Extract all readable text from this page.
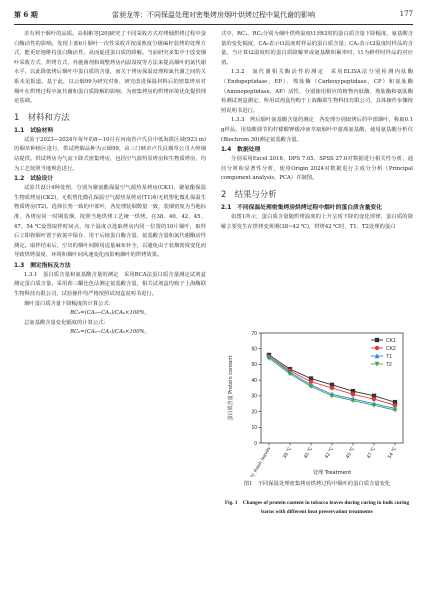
第 6 期	雷昶龙等：不同保温处理对密集烤房烟叶烘烤过程中氮代谢的影响	177

差有利于烟叶的品质。高相彬等[20]研究了不同采收方式对烤烟烘烤过程中蛋白酶活性的影响，发现上部6片烟叶一次性采收并按成熟度分级编杆装烤的处理方式，能更好地维持蛋白酶活性，从而促进蛋白质的降解。当前研究多集中于改变烟叶采收方式、烘烤方式、外施菌剂和调整烤房内温湿度等方法来提高烟叶的氮代谢水平，以此降低烤后烟叶中蛋白质的含量，而关于烤房保温处理和氮代谢之间的关系未见报道。基于此，以云烟99为研究对象，研究改进保温材料后的密集烤房对烟叶在烘烤过程中氮代谢和蛋白质降解的影响，为密集烤房的烘烤环境优化提供理论基础。

1　材料和方法
1.1　试验材料

试验于2023—2024年每年的8—10月在河南省卢氏县中低海拔区域(923 m)的烟草种植区进行，供试烤烟品种为云烟99，由三门峡市卢氏县烟草公司大岭烟站提供。供试烤房为气流下降式密集烤房，包括空气源热泵烤房和生物质烤房，均为工艺按照当地规范进行。

1.2　试验设计

试验共设计4种处理，分别为聚氨酯保温空气源热泵烤房(CK1)、聚氨酯保温生物质烤房(CK2)、无机塑化微孔保温空气源热泵烤房(T1)和无机塑化微孔保温生物质烤房(T2)。选择长势一致的中部叶，各处理装烟数量一致，装烟密度为当地标准，各烤房同一时期装烟，按照当地烘烤工艺统一烘烤。在38、40、42、45、47、54 ℃设置取样时间点，每个温度点选取烤房内同一位置的10片烟叶，取样后立即将烟叶置于液氮中保存，用于后续蛋白酶含量、氨基酸含量和氮代谢酶活性测定。取样结束后，空出的烟叶间隙用适量麻布补全，以避免由于装烟密度变化而导致烘烤湿度、环境和烟叶间风速变化而影响烟叶的烘烤效果。

1.3　测定指标及方法

1.3.1　蛋白质含量和氨基酸含量的测定　采用BCA法蛋白质含量测定试剂盒测定蛋白质含量，采用茚三酮比色法测定氨基酸含量，相关试剂盒均购于上海酶联生物科技有限公司，试验操作均严格按照试剂盒说明书进行。

烟叶蛋白质含量下降幅度的计算公式：

RC₁=(CA₀−CA₁)/CA₀×100%。

总氨基酸含量变化幅度的计算公式：

RC₂=(CA₀−CA₁)/CA₀×100%。

式中，RC₁、RC₂分别为烟叶烘烤温度t1到t2时的蛋白质含量下降幅度、氨基酸含量的变化幅度，CA₀表示t1温度时样品的蛋白质含量；CA₁表示t2温度时样品的含量。当计算t2温度时的蛋白质降解率或氨基酸积累率时，t1为鲜样时样品的对应值。

1.3.2　氮代谢相关酶活性的测定　采用ELISA法分别检测内肽酶（Endopeptidase，EP）、羧肽酶（Carboxypeptidase，CP）和氨肽酶（Aminopeptidase，AP）活性，分别使用相应的植物内肽酶、羧肽酶和氨肽酶检测试剂盒测定，所用试剂盒均购于上海酶联生物科技有限公司，具体操作步骤按照说明书进行。

1.3.3　烤后烟叶氨基酸含量的测定　各处理分别取烤后的中部烟叶，称取0.1 g样品，用盐酸调节的柠檬酸钾缓冲液萃取烟叶中游离氨基酸，使用氨基酸分析仪(Biochrom 30)测定氨基酸含量。

1.4　数据处理

分别采用Excel 2016、DPS 7.05、SPSS 27.0对数据进行相关性分析、通径分析和显著性分析，使用Origin 2024对数据进行主成分分析（Principal component analysis，PCA）并制图。

2　结果与分析
2.1　不同保温处理密集烤房烘烤过程中烟叶的蛋白质含量变化

如图1所示，蛋白质含量随烘烤温度的上升呈现下降的变化规律，蛋白质的降解主要发生在烘烤变黄期(38~42 ℃)，烘烤42 ℃时，T1、T2处理的蛋白

0
10
20
30
40
50
60
70
蛋白质含量 Protein content
鲜叶 Fresh leaves 38 ℃ 40 ℃ 42 ℃ 45 ℃ 47 ℃ 54 ℃
处理 Treatment
CK1
CK2
T1
T2
图1　不同保温处理密集烤房烘烤过程中烟叶的蛋白质含量变化
Fig. 1　Changes of protein content in tobacco leaves during curing in bulk curing barns with different heat preservation treatments
